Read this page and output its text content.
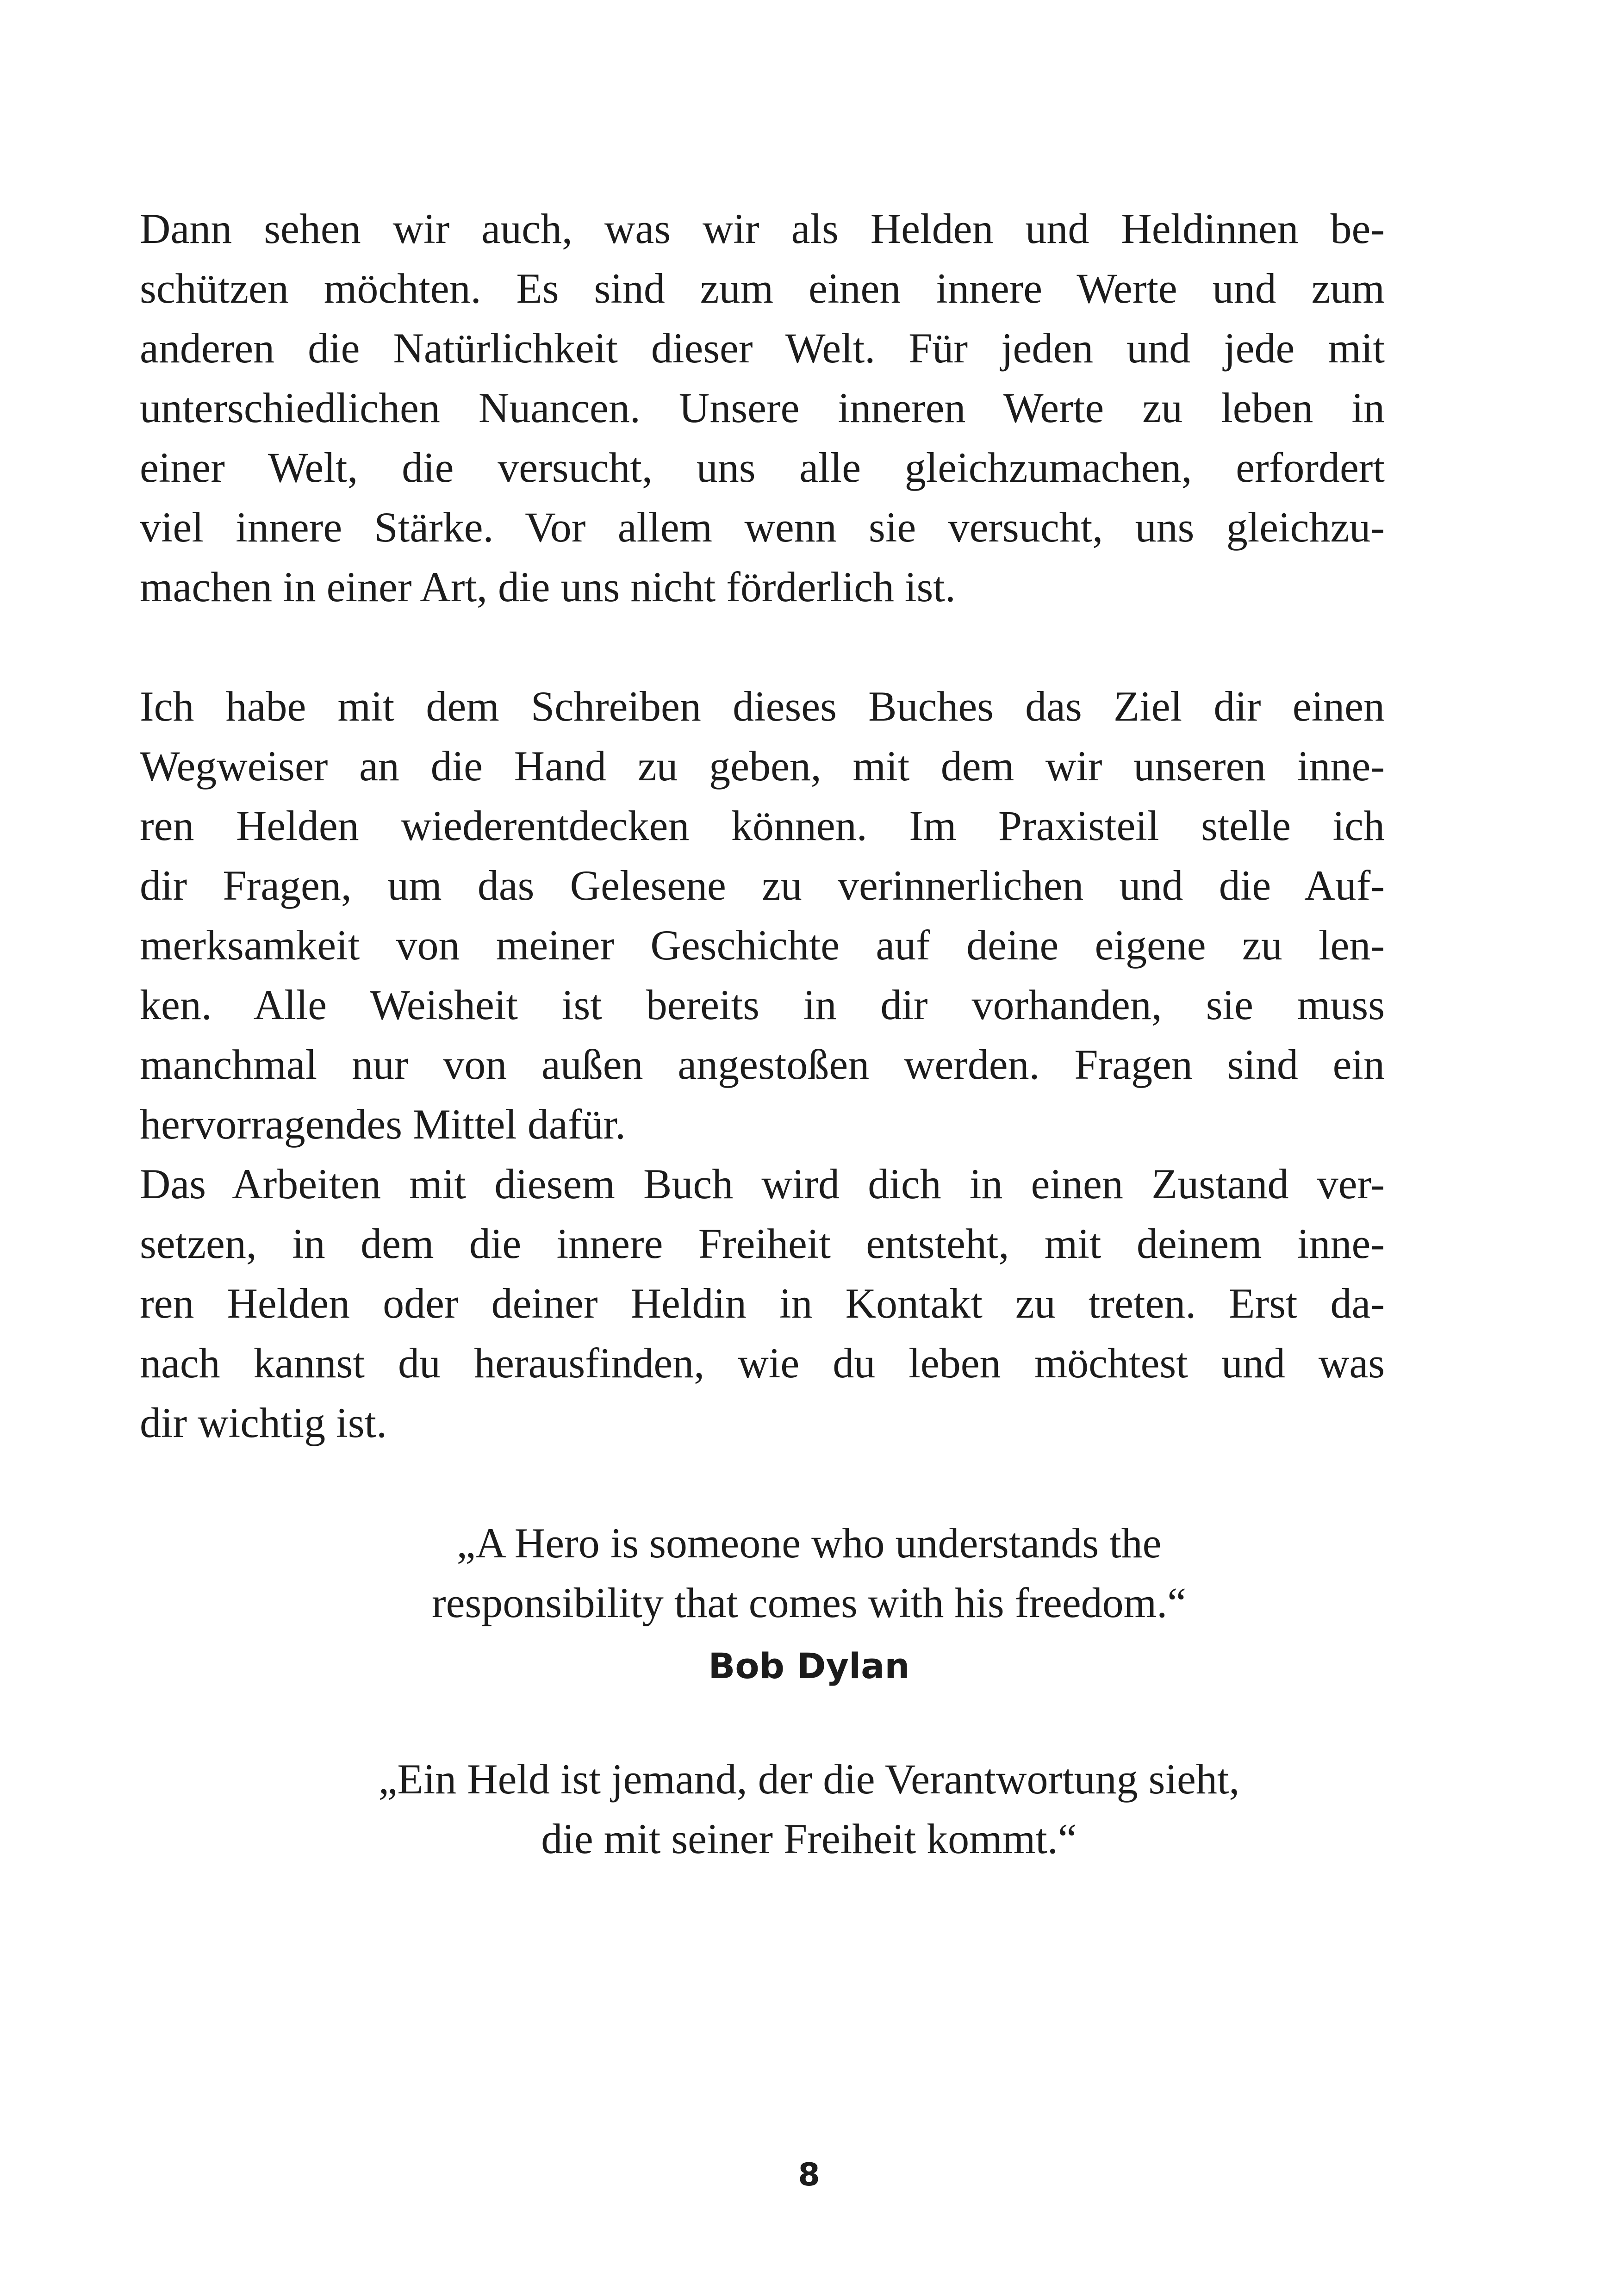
Dann sehen wir auch, was wir als Helden und Heldinnen be-
schützen möchten. Es sind zum einen innere Werte und zum
anderen die Natürlichkeit dieser Welt. Für jeden und jede mit
unterschiedlichen Nuancen. Unsere inneren Werte zu leben in
einer Welt, die versucht, uns alle gleichzumachen, erfordert
viel innere Stärke. Vor allem wenn sie versucht, uns gleichzu-
machen in einer Art, die uns nicht förderlich ist.
Ich habe mit dem Schreiben dieses Buches das Ziel dir einen
Wegweiser an die Hand zu geben, mit dem wir unseren inne-
ren Helden wiederentdecken können. Im Praxisteil stelle ich
dir Fragen, um das Gelesene zu verinnerlichen und die Auf-
merksamkeit von meiner Geschichte auf deine eigene zu len-
ken. Alle Weisheit ist bereits in dir vorhanden, sie muss
manchmal nur von außen angestoßen werden. Fragen sind ein
hervorragendes Mittel dafür.
Das Arbeiten mit diesem Buch wird dich in einen Zustand ver-
setzen, in dem die innere Freiheit entsteht, mit deinem inne-
ren Helden oder deiner Heldin in Kontakt zu treten. Erst da-
nach kannst du herausfinden, wie du leben möchtest und was
dir wichtig ist.
„A Hero is someone who understands the
responsibility that comes with his freedom.“
Bob Dylan
„Ein Held ist jemand, der die Verantwortung sieht,
die mit seiner Freiheit kommt.“
8
